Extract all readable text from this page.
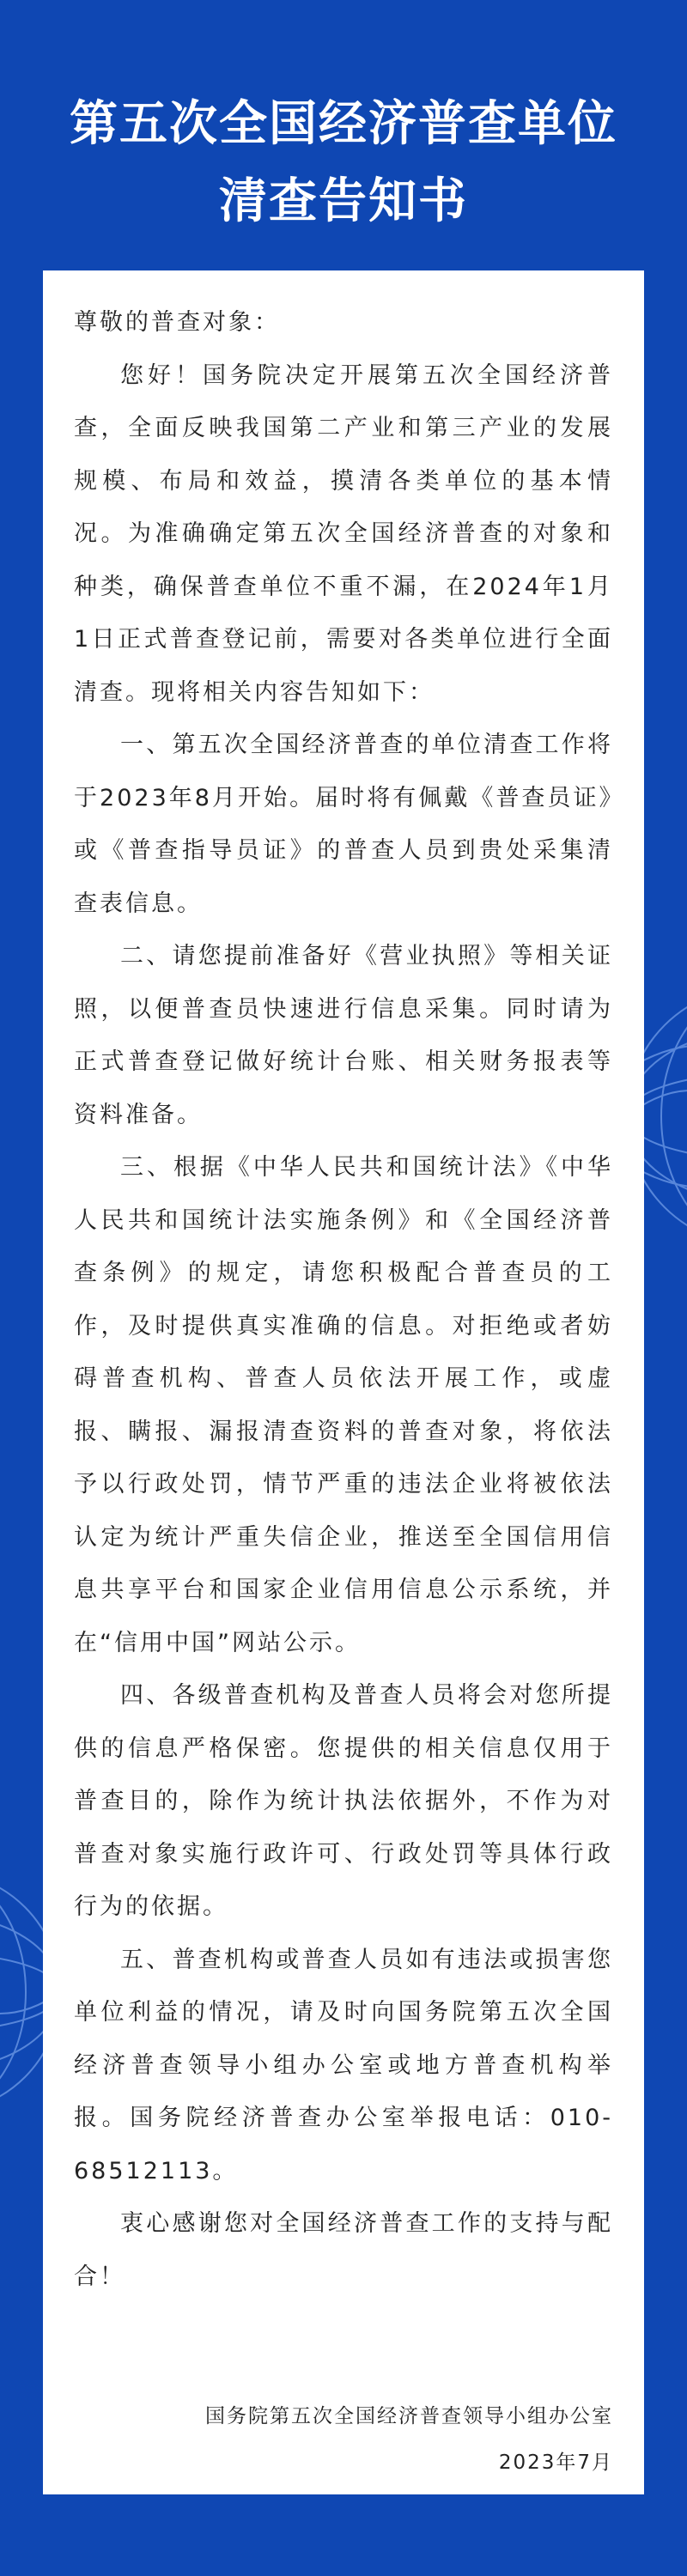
第五次全国经济普查单位
清查告知书

尊敬的普查对象：

您好！国务院决定开展第五次全国经济普查，全面反映我国第二产业和第三产业的发展规模、布局和效益，摸清各类单位的基本情况。为准确确定第五次全国经济普查的对象和种类，确保普查单位不重不漏，在2024年1月1日正式普查登记前，需要对各类单位进行全面清查。现将相关内容告知如下：

一、第五次全国经济普查的单位清查工作将于2023年8月开始。届时将有佩戴《普查员证》或《普查指导员证》的普查人员到贵处采集清查表信息。

二、请您提前准备好《营业执照》等相关证照，以便普查员快速进行信息采集。同时请为正式普查登记做好统计台账、相关财务报表等资料准备。

三、根据《中华人民共和国统计法》《中华人民共和国统计法实施条例》和《全国经济普查条例》的规定，请您积极配合普查员的工作，及时提供真实准确的信息。对拒绝或者妨碍普查机构、普查人员依法开展工作，或虚报、瞒报、漏报清查资料的普查对象，将依法予以行政处罚，情节严重的违法企业将被依法认定为统计严重失信企业，推送至全国信用信息共享平台和国家企业信用信息公示系统，并在“信用中国”网站公示。

四、各级普查机构及普查人员将会对您所提供的信息严格保密。您提供的相关信息仅用于普查目的，除作为统计执法依据外，不作为对普查对象实施行政许可、行政处罚等具体行政行为的依据。

五、普查机构或普查人员如有违法或损害您单位利益的情况，请及时向国务院第五次全国经济普查领导小组办公室或地方普查机构举报。国务院经济普查办公室举报电话：010-68512113。

衷心感谢您对全国经济普查工作的支持与配合！

国务院第五次全国经济普查领导小组办公室
2023年7月
